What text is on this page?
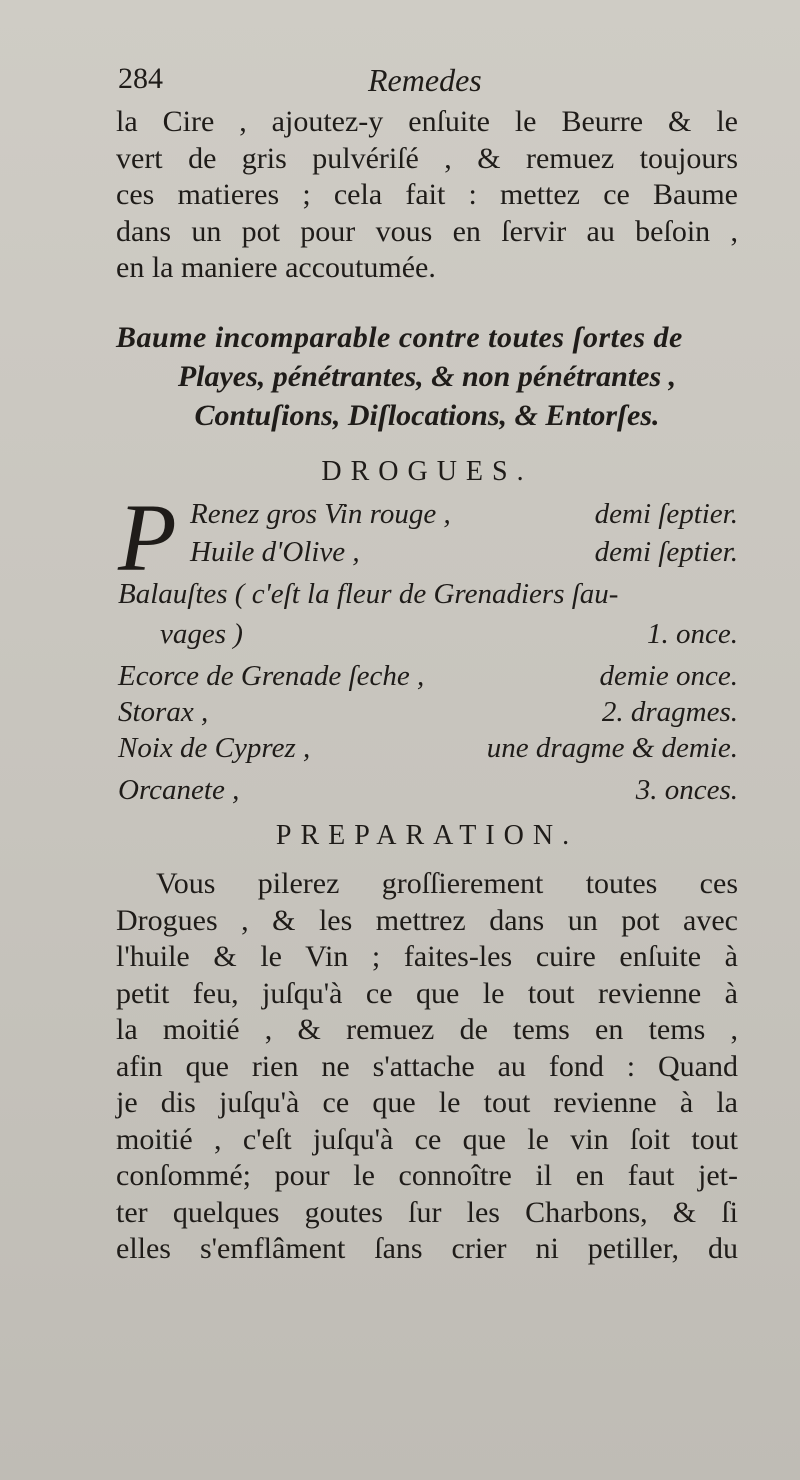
284	Remedes

la Cire , ajoutez-y enſuite le Beurre & le
vert de gris pulvériſé , & remuez toujours
ces matieres ; cela fait : mettez ce Baume
dans un pot pour vous en ſervir au beſoin ,
en la maniere accoutumée.

Baume incomparable contre toutes ſortes de
Playes, pénétrantes, & non pénétrantes ,
Contuſions, Diſlocations, & Entorſes.
DROGUES.
P Renez gros Vin rouge ,	demi ſeptier.
Huile d'Olive ,	demi ſeptier.
Balauſtes ( c'eſt la fleur de Grenadiers ſau-
vages )	1. once.
Ecorce de Grenade ſeche ,	demie once.
Storax ,	2. dragmes.
Noix de Cyprez ,	une dragme & demie.
Orcanete ,	3. onces.
PREPARATION.

Vous pilerez groſſierement toutes ces
Drogues , & les mettrez dans un pot avec
l'huile & le Vin ; faites-les cuire enſuite à
petit feu, juſqu'à ce que le tout revienne à
la moitié , & remuez de tems en tems ,
afin que rien ne s'attache au fond : Quand
je dis juſqu'à ce que le tout revienne à la
moitié , c'eſt juſqu'à ce que le vin ſoit tout
conſommé; pour le connoître il en faut jet-
ter quelques goutes ſur les Charbons, & ſi
elles s'emflâment ſans crier ni petiller, du
